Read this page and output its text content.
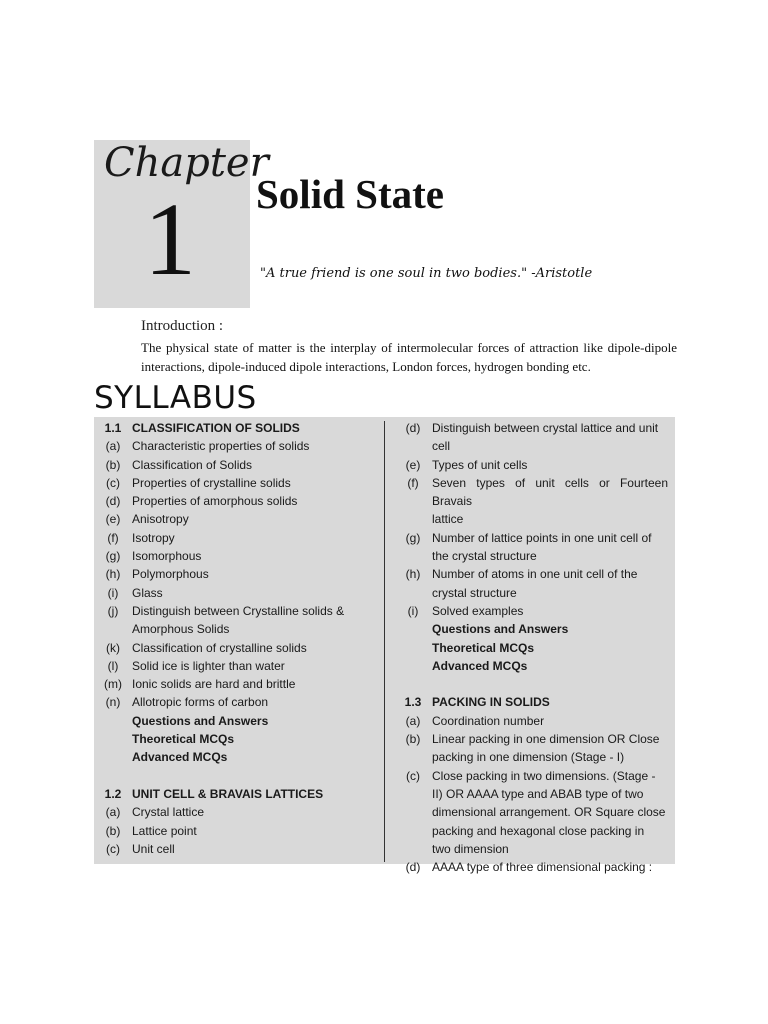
Chapter
1 Solid State
"A true friend is one soul in two bodies." -Aristotle
Introduction :
The physical state of matter is the interplay of intermolecular forces of attraction like dipole-dipole interactions, dipole-induced dipole interactions, London forces, hydrogen bonding etc.
SYLLABUS
1.1 CLASSIFICATION OF SOLIDS
(a) Characteristic properties of solids
(b) Classification of Solids
(c)	Properties of crystalline solids
(d) Properties of amorphous solids
(e) Anisotropy
(f)	Isotropy
(g) Isomorphous
(h) Polymorphous
(i)	Glass
(j)	Distinguish between Crystalline solids &
Amorphous Solids
(k)	Classification of crystalline solids
(l)	Solid ice is lighter than water
(m) Ionic solids are hard and brittle
(n) Allotropic forms of carbon
Questions and Answers
Theoretical MCQs
Advanced MCQs
1.2 UNIT CELL & BRAVAIS LATTICES
(a) Crystal lattice
(b) Lattice point
(c)	Unit cell
(d) Distinguish between crystal lattice and unit
cell
(e) Types of unit cells
(f)	Seven types of unit cells or Fourteen Bravais
lattice
(g) Number of lattice points in one unit cell of
the crystal structure
(h) Number of atoms in one unit cell of the
crystal structure
(i)	Solved examples
Questions and Answers
Theoretical MCQs
Advanced MCQs
1.3 PACKING IN SOLIDS
(a) Coordination number
(b) Linear packing in one dimension OR Close
packing in one dimension (Stage - I)
(c)	Close packing in two dimensions. (Stage -
II) OR AAAA type and ABAB type of two
dimensional arrangement. OR Square close
packing and hexagonal close packing in
two dimension
(d) AAAA type of three dimensional packing :
